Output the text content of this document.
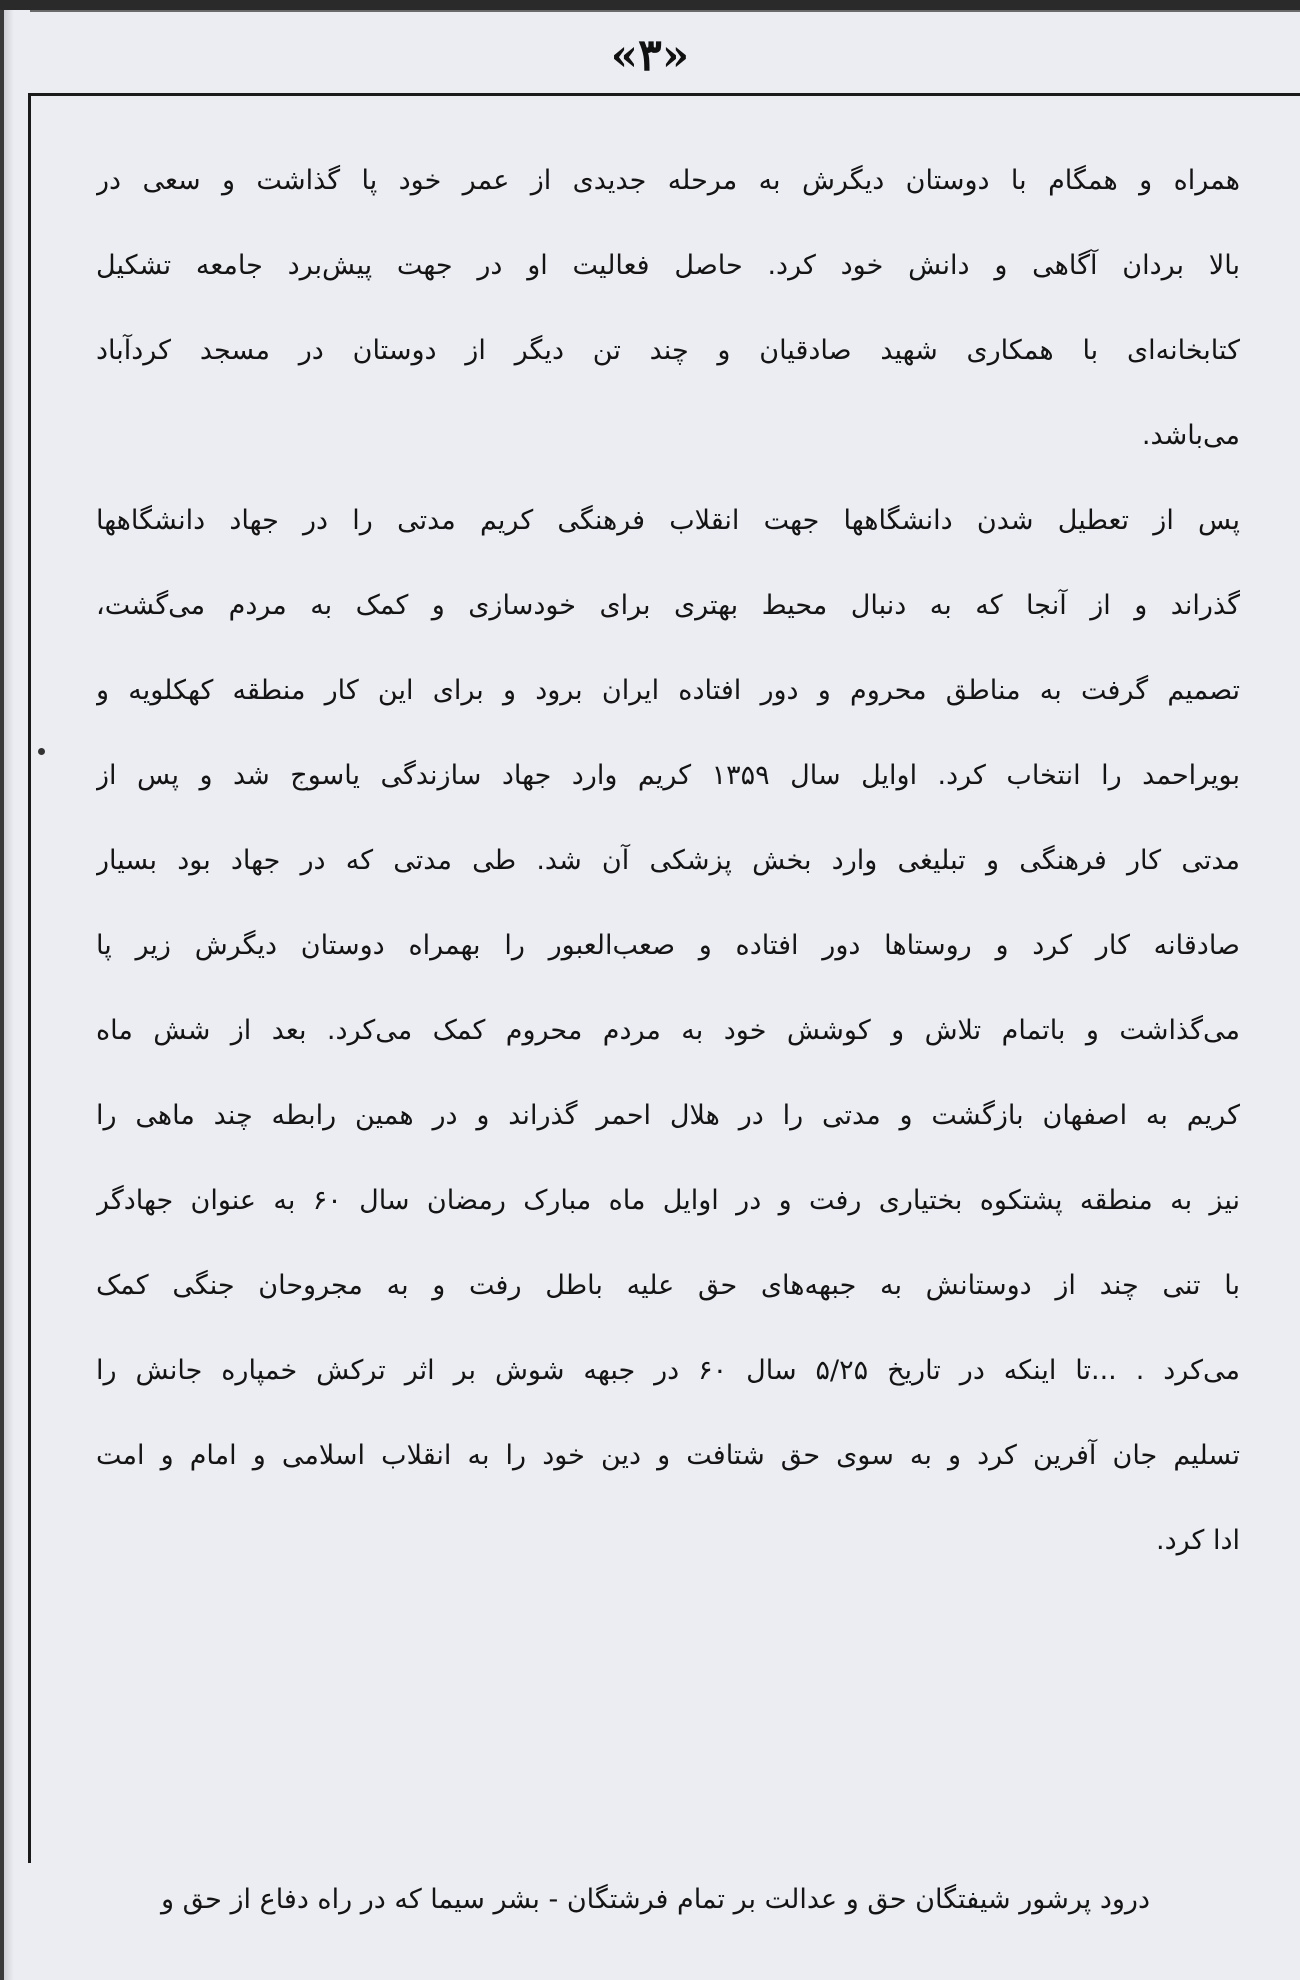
«۳»
همراه و همگام با دوستان دیگرش به مرحله جدیدی از عمر خود پا گذاشت و سعی در
بالا بردان آگاهی و دانش خود کرد. حاصل فعالیت او در جهت پیش‌برد جامعه تشکیل
کتابخانه‌ای با همکاری شهید صادقیان و چند تن دیگر از دوستان در مسجد کردآباد
می‌باشد.
پس از تعطیل شدن دانشگاهها جهت انقلاب فرهنگی کریم مدتی را در جهاد دانشگاهها
گذراند و از آنجا که به دنبال محیط بهتری برای خودسازی و کمک به مردم می‌گشت،
تصمیم گرفت به مناطق محروم و دور افتاده ایران برود و برای این کار منطقه کهکلویه و
بویراحمد را انتخاب کرد. اوایل سال ۱۳۵۹ کریم وارد جهاد سازندگی یاسوج شد و پس از
مدتی کار فرهنگی و تبلیغی وارد بخش پزشکی آن شد. طی مدتی که در جهاد بود بسیار
صادقانه کار کرد و روستاها دور افتاده و صعب‌العبور را بهمراه دوستان دیگرش زیر پا
می‌گذاشت و باتمام تلاش و کوشش خود به مردم محروم کمک می‌کرد. بعد از شش ماه
کریم به اصفهان بازگشت و مدتی را در هلال احمر گذراند و در همین رابطه چند ماهی را
نیز به منطقه پشتکوه بختیاری رفت و در اوایل ماه مبارک رمضان سال ۶۰ به عنوان جهادگر
با تنی چند از دوستانش به جبهه‌های حق علیه باطل رفت و به مجروحان جنگی کمک
می‌کرد . ...تا اینکه در تاریخ ۵/۲۵ سال ۶۰ در جبهه شوش بر اثر ترکش خمپاره جانش را
تسلیم جان آفرین کرد و به سوی حق شتافت و دین خود را به انقلاب اسلامی و امام و امت
ادا کرد.
درود پرشور شیفتگان حق و عدالت بر تمام فرشتگان - بشر سیما که در راه دفاع از حق و
